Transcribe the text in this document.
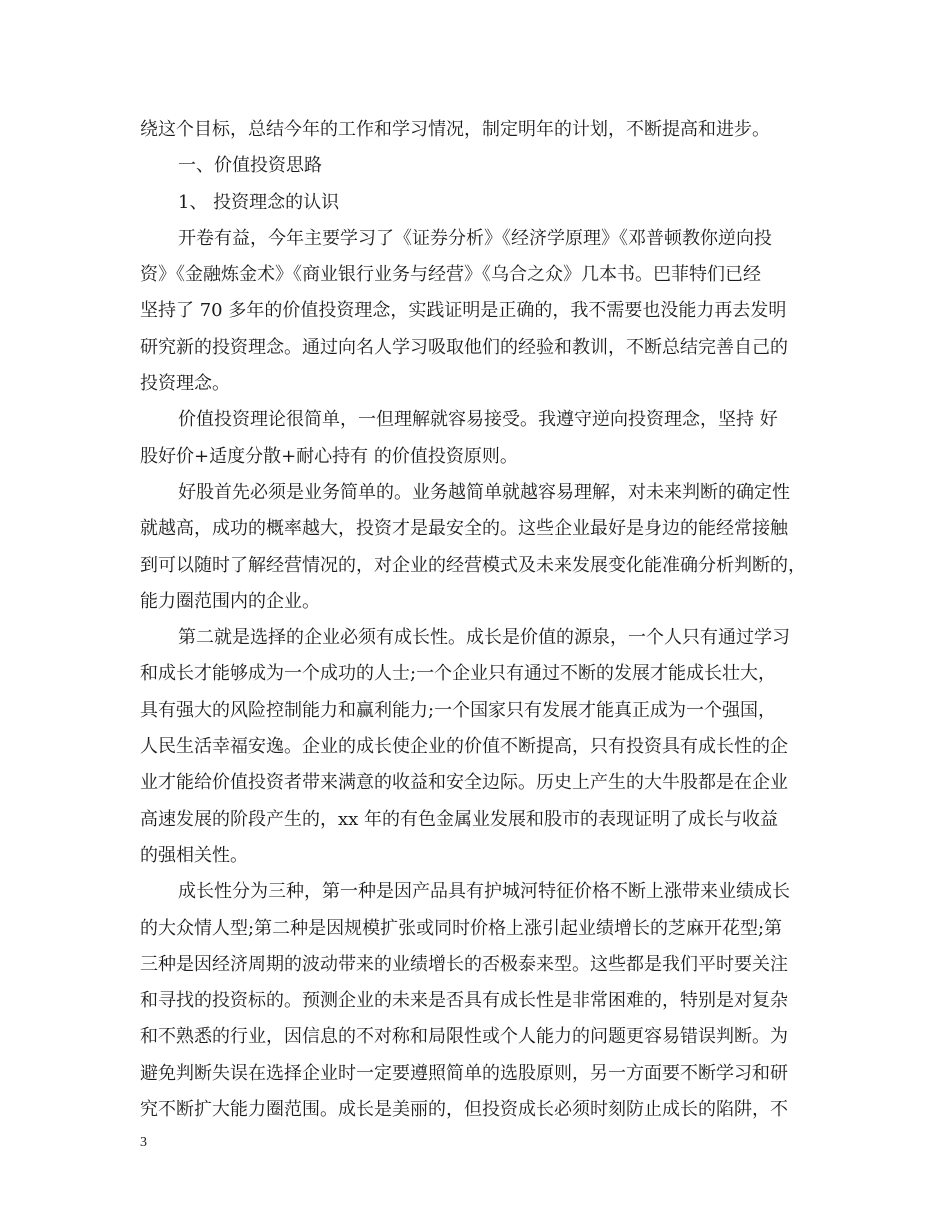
绕这个目标，总结今年的工作和学习情况，制定明年的计划，不断提高和进步。
一、价值投资思路
1、 投资理念的认识
开卷有益，今年主要学习了《证券分析》《经济学原理》《邓普顿教你逆向投
资》《金融炼金术》《商业银行业务与经营》《乌合之众》几本书。巴菲特们已经
坚持了 70 多年的价值投资理念，实践证明是正确的，我不需要也没能力再去发明
研究新的投资理念。通过向名人学习吸取他们的经验和教训，不断总结完善自己的
投资理念。
价值投资理论很简单，一但理解就容易接受。我遵守逆向投资理念，坚持 好
股好价+适度分散+耐心持有 的价值投资原则。
好股首先必须是业务简单的。业务越简单就越容易理解，对未来判断的确定性
就越高，成功的概率越大，投资才是最安全的。这些企业最好是身边的能经常接触
到可以随时了解经营情况的，对企业的经营模式及未来发展变化能准确分析判断的，
能力圈范围内的企业。
第二就是选择的企业必须有成长性。成长是价值的源泉，一个人只有通过学习
和成长才能够成为一个成功的人士;一个企业只有通过不断的发展才能成长壮大，
具有强大的风险控制能力和赢利能力;一个国家只有发展才能真正成为一个强国，
人民生活幸福安逸。企业的成长使企业的价值不断提高，只有投资具有成长性的企
业才能给价值投资者带来满意的收益和安全边际。历史上产生的大牛股都是在企业
高速发展的阶段产生的，xx 年的有色金属业发展和股市的表现证明了成长与收益
的强相关性。
成长性分为三种，第一种是因产品具有护城河特征价格不断上涨带来业绩成长
的大众情人型;第二种是因规模扩张或同时价格上涨引起业绩增长的芝麻开花型;第
三种是因经济周期的波动带来的业绩增长的否极泰来型。这些都是我们平时要关注
和寻找的投资标的。预测企业的未来是否具有成长性是非常困难的，特别是对复杂
和不熟悉的行业，因信息的不对称和局限性或个人能力的问题更容易错误判断。为
避免判断失误在选择企业时一定要遵照简单的选股原则，另一方面要不断学习和研
究不断扩大能力圈范围。成长是美丽的，但投资成长必须时刻防止成长的陷阱，不
3
